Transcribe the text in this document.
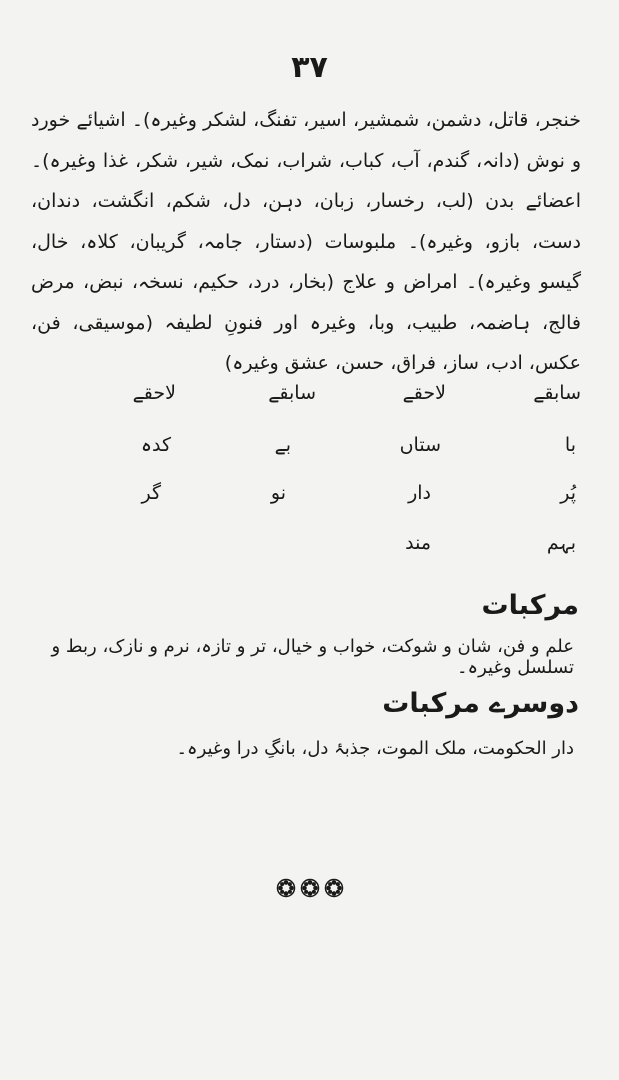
۳۷

خنجر، قاتل، دشمن، شمشیر، اسیر، تفنگ، لشکر وغیرہ)۔ اشیائے خورد و نوش (دانہ، گندم، آب، کباب، شراب، نمک، شیر، شکر، غذا وغیرہ)۔ اعضائے بدن (لب، رخسار، زبان، دہن، دل، شکم، انگشت، دندان، دست، بازو، وغیرہ)۔ ملبوسات (دستار، جامہ، گریبان، کلاہ، خال، گیسو وغیرہ)۔ امراض و علاج (بخار، درد، حکیم، نسخہ، نبض، مرض فالج، ہاضمہ، طبیب، وبا، وغیرہ اور فنونِ لطیفہ (موسیقی، فن، عکس، ادب، ساز، فراق، حسن، عشق وغیرہ)

سابقے
لاحقے
سابقے
لاحقے
با
ستاں
بے
کدہ
پُر
دار
نو
گر
بہم
مند
مرکبات

علم و فن، شان و شوکت، خواب و خیال، تر و تازہ، نرم و نازک، ربط و تسلسل وغیرہ۔

دوسرے مرکبات

دار الحکومت، ملک الموت، جذبۂ دل، بانگِ درا وغیرہ۔
